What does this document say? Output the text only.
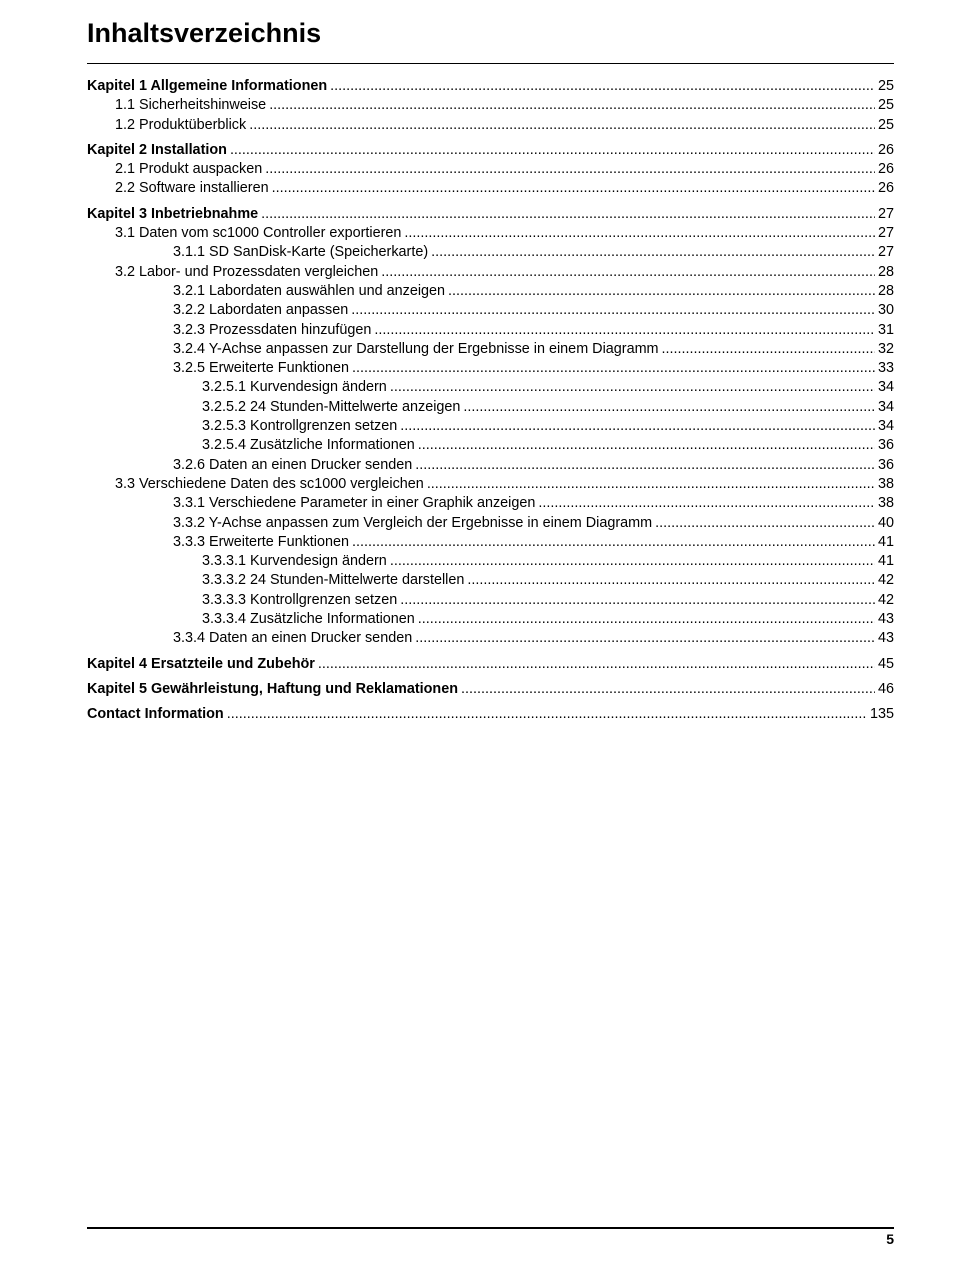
Inhaltsverzeichnis
Kapitel 1 Allgemeine Informationen .....	25
1.1 Sicherheitshinweise .....	25
1.2 Produktüberblick .....	25
Kapitel 2 Installation .....	26
2.1 Produkt auspacken .....	26
2.2 Software installieren .....	26
Kapitel 3 Inbetriebnahme .....	27
3.1 Daten vom sc1000 Controller exportieren .....	27
3.1.1 SD SanDisk-Karte (Speicherkarte) .....	27
3.2 Labor- und Prozessdaten vergleichen .....	28
3.2.1 Labordaten auswählen und anzeigen .....	28
3.2.2 Labordaten anpassen .....	30
3.2.3 Prozessdaten hinzufügen .....	31
3.2.4 Y-Achse anpassen zur Darstellung der Ergebnisse in einem Diagramm .....	32
3.2.5 Erweiterte Funktionen .....	33
3.2.5.1 Kurvendesign ändern .....	34
3.2.5.2 24 Stunden-Mittelwerte anzeigen .....	34
3.2.5.3 Kontrollgrenzen setzen .....	34
3.2.5.4 Zusätzliche Informationen .....	36
3.2.6 Daten an einen Drucker senden .....	36
3.3 Verschiedene Daten des sc1000 vergleichen .....	38
3.3.1 Verschiedene Parameter in einer Graphik anzeigen .....	38
3.3.2 Y-Achse anpassen zum Vergleich der Ergebnisse in einem Diagramm .....	40
3.3.3 Erweiterte Funktionen .....	41
3.3.3.1 Kurvendesign ändern .....	41
3.3.3.2 24 Stunden-Mittelwerte darstellen .....	42
3.3.3.3 Kontrollgrenzen setzen .....	42
3.3.3.4 Zusätzliche Informationen .....	43
3.3.4 Daten an einen Drucker senden .....	43
Kapitel 4 Ersatzteile und Zubehör .....	45
Kapitel 5 Gewährleistung, Haftung und Reklamationen .....	46
Contact Information .....	135
5
